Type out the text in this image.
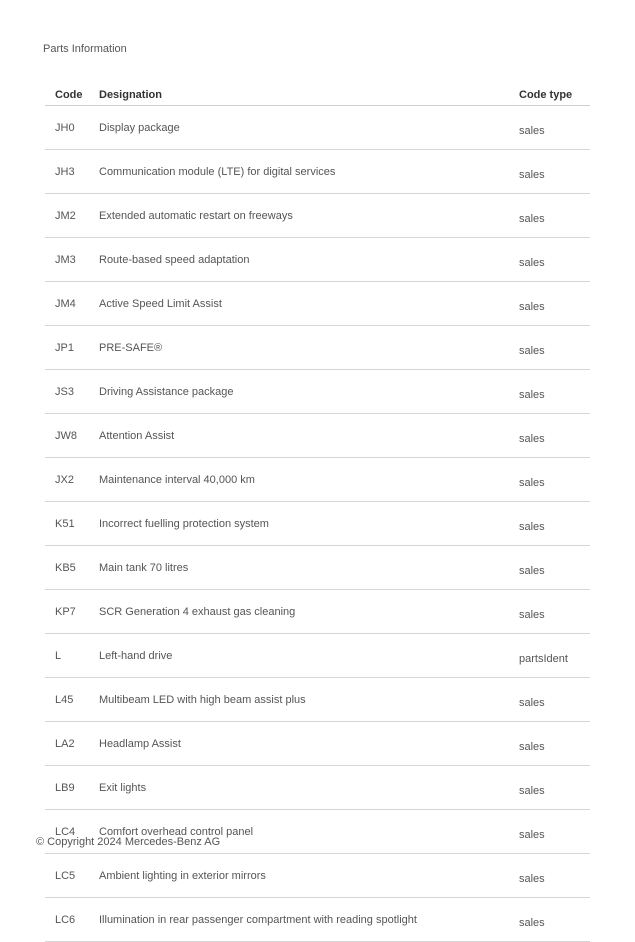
Parts Information
Code	Designation	Code type
JH0	Display package	sales
JH3	Communication module (LTE) for digital services	sales
JM2	Extended automatic restart on freeways	sales
JM3	Route-based speed adaptation	sales
JM4	Active Speed Limit Assist	sales
JP1	PRE-SAFE®	sales
JS3	Driving Assistance package	sales
JW8	Attention Assist	sales
JX2	Maintenance interval 40,000 km	sales
K51	Incorrect fuelling protection system	sales
KB5	Main tank 70 litres	sales
KP7	SCR Generation 4 exhaust gas cleaning	sales
L	Left-hand drive	partsIdent
L45	Multibeam LED with high beam assist plus	sales
LA2	Headlamp Assist	sales
LB9	Exit lights	sales
LC4	Comfort overhead control panel	sales
LC5	Ambient lighting in exterior mirrors	sales
LC6	Illumination in rear passenger compartment with reading spotlight	sales
© Copyright 2024 Mercedes-Benz AG
